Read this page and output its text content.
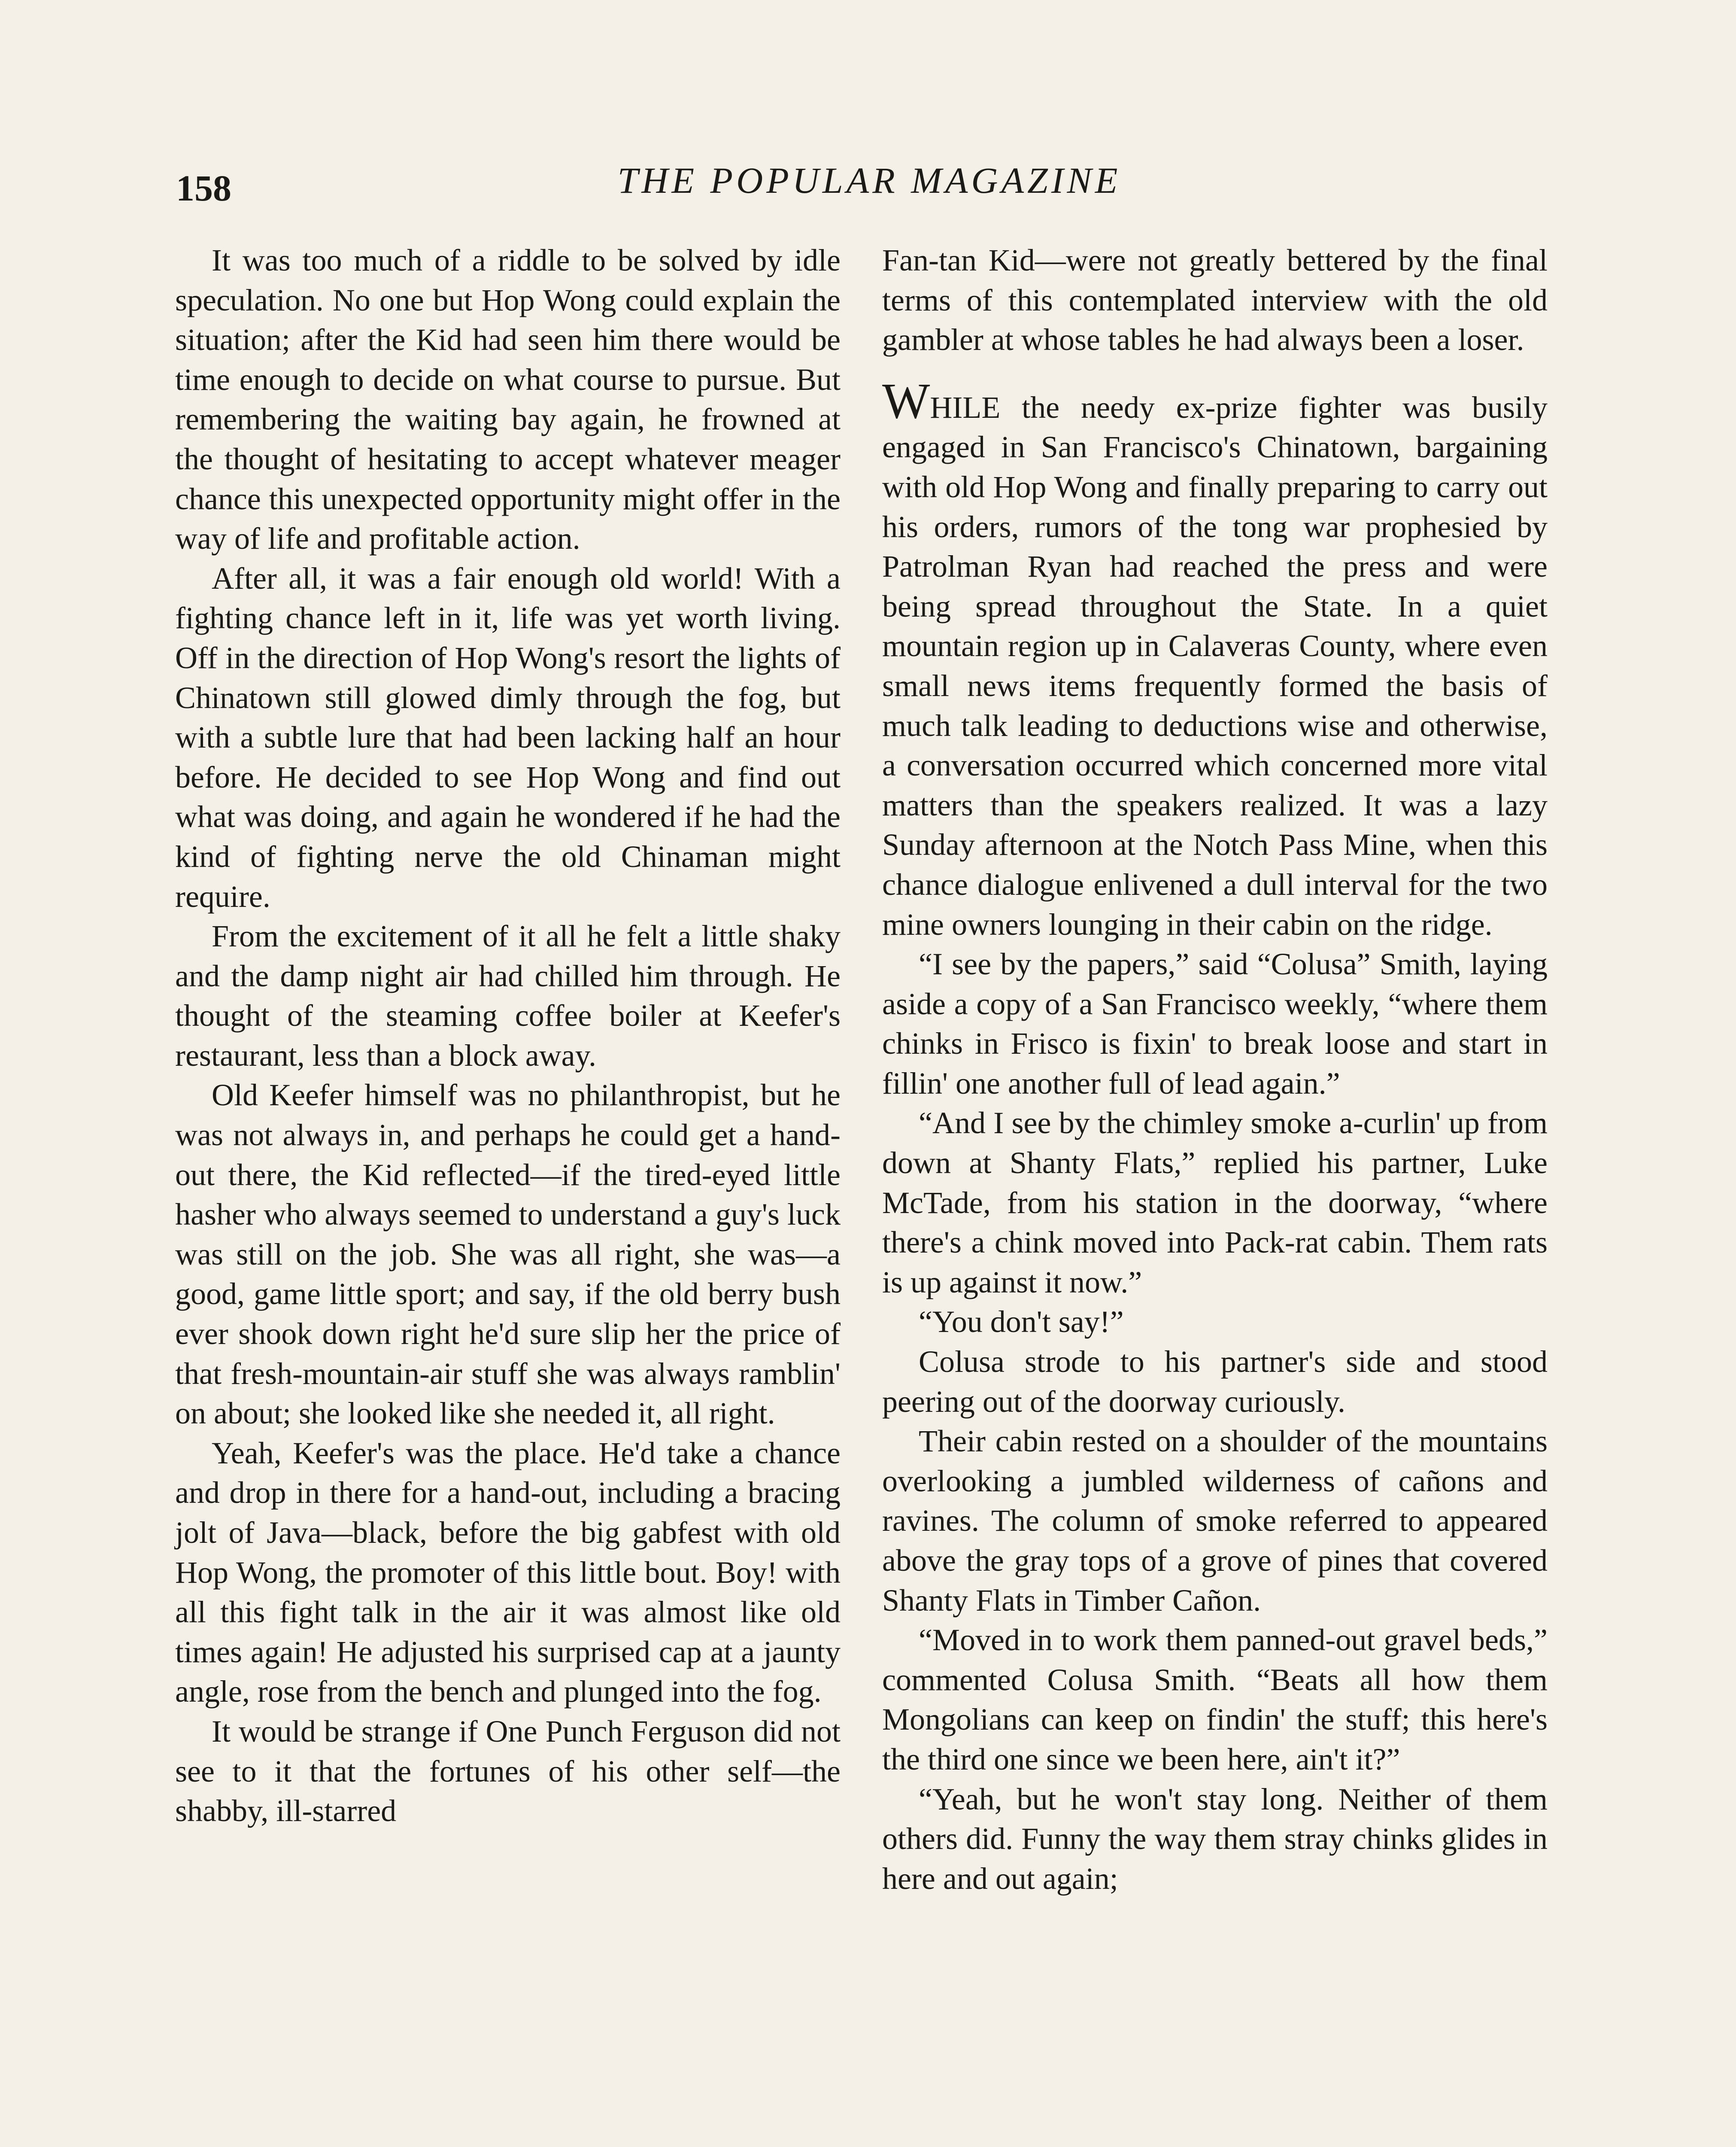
158	THE POPULAR MAGAZINE

It was too much of a riddle to be solved by idle speculation. No one but Hop Wong could explain the situation; after the Kid had seen him there would be time enough to decide on what course to pursue. But remembering the waiting bay again, he frowned at the thought of hesitating to accept whatever meager chance this unexpected opportunity might offer in the way of life and profitable action.

After all, it was a fair enough old world! With a fighting chance left in it, life was yet worth living. Off in the direction of Hop Wong's resort the lights of Chinatown still glowed dimly through the fog, but with a subtle lure that had been lacking half an hour before. He decided to see Hop Wong and find out what was doing, and again he wondered if he had the kind of fighting nerve the old Chinaman might require.

From the excitement of it all he felt a little shaky and the damp night air had chilled him through. He thought of the steaming coffee boiler at Keefer's restaurant, less than a block away.

Old Keefer himself was no philanthropist, but he was not always in, and perhaps he could get a hand-out there, the Kid reflected—if the tired-eyed little hasher who always seemed to understand a guy's luck was still on the job. She was all right, she was—a good, game little sport; and say, if the old berry bush ever shook down right he'd sure slip her the price of that fresh-mountain-air stuff she was always ramblin' on about; she looked like she needed it, all right.

Yeah, Keefer's was the place. He'd take a chance and drop in there for a hand-out, including a bracing jolt of Java—black, before the big gabfest with old Hop Wong, the promoter of this little bout. Boy! with all this fight talk in the air it was almost like old times again! He adjusted his surprised cap at a jaunty angle, rose from the bench and plunged into the fog.

It would be strange if One Punch Ferguson did not see to it that the fortunes of his other self—the shabby, ill-starred

Fan-tan Kid—were not greatly bettered by the final terms of this contemplated interview with the old gambler at whose tables he had always been a loser.

WHILE the needy ex-prize fighter was busily engaged in San Francisco's Chinatown, bargaining with old Hop Wong and finally preparing to carry out his orders, rumors of the tong war prophesied by Patrolman Ryan had reached the press and were being spread throughout the State. In a quiet mountain region up in Calaveras County, where even small news items frequently formed the basis of much talk leading to deductions wise and otherwise, a conversation occurred which concerned more vital matters than the speakers realized. It was a lazy Sunday afternoon at the Notch Pass Mine, when this chance dialogue enlivened a dull interval for the two mine owners lounging in their cabin on the ridge.

“I see by the papers,” said “Colusa” Smith, laying aside a copy of a San Francisco weekly, “where them chinks in Frisco is fixin' to break loose and start in fillin' one another full of lead again.”

“And I see by the chimley smoke a-curlin' up from down at Shanty Flats,” replied his partner, Luke McTade, from his station in the doorway, “where there's a chink moved into Pack-rat cabin. Them rats is up against it now.”

“You don't say!”

Colusa strode to his partner's side and stood peering out of the doorway curiously.

Their cabin rested on a shoulder of the mountains overlooking a jumbled wilderness of cañons and ravines. The column of smoke referred to appeared above the gray tops of a grove of pines that covered Shanty Flats in Timber Cañon.

“Moved in to work them panned-out gravel beds,” commented Colusa Smith. “Beats all how them Mongolians can keep on findin' the stuff; this here's the third one since we been here, ain't it?”

“Yeah, but he won't stay long. Neither of them others did. Funny the way them stray chinks glides in here and out again;
